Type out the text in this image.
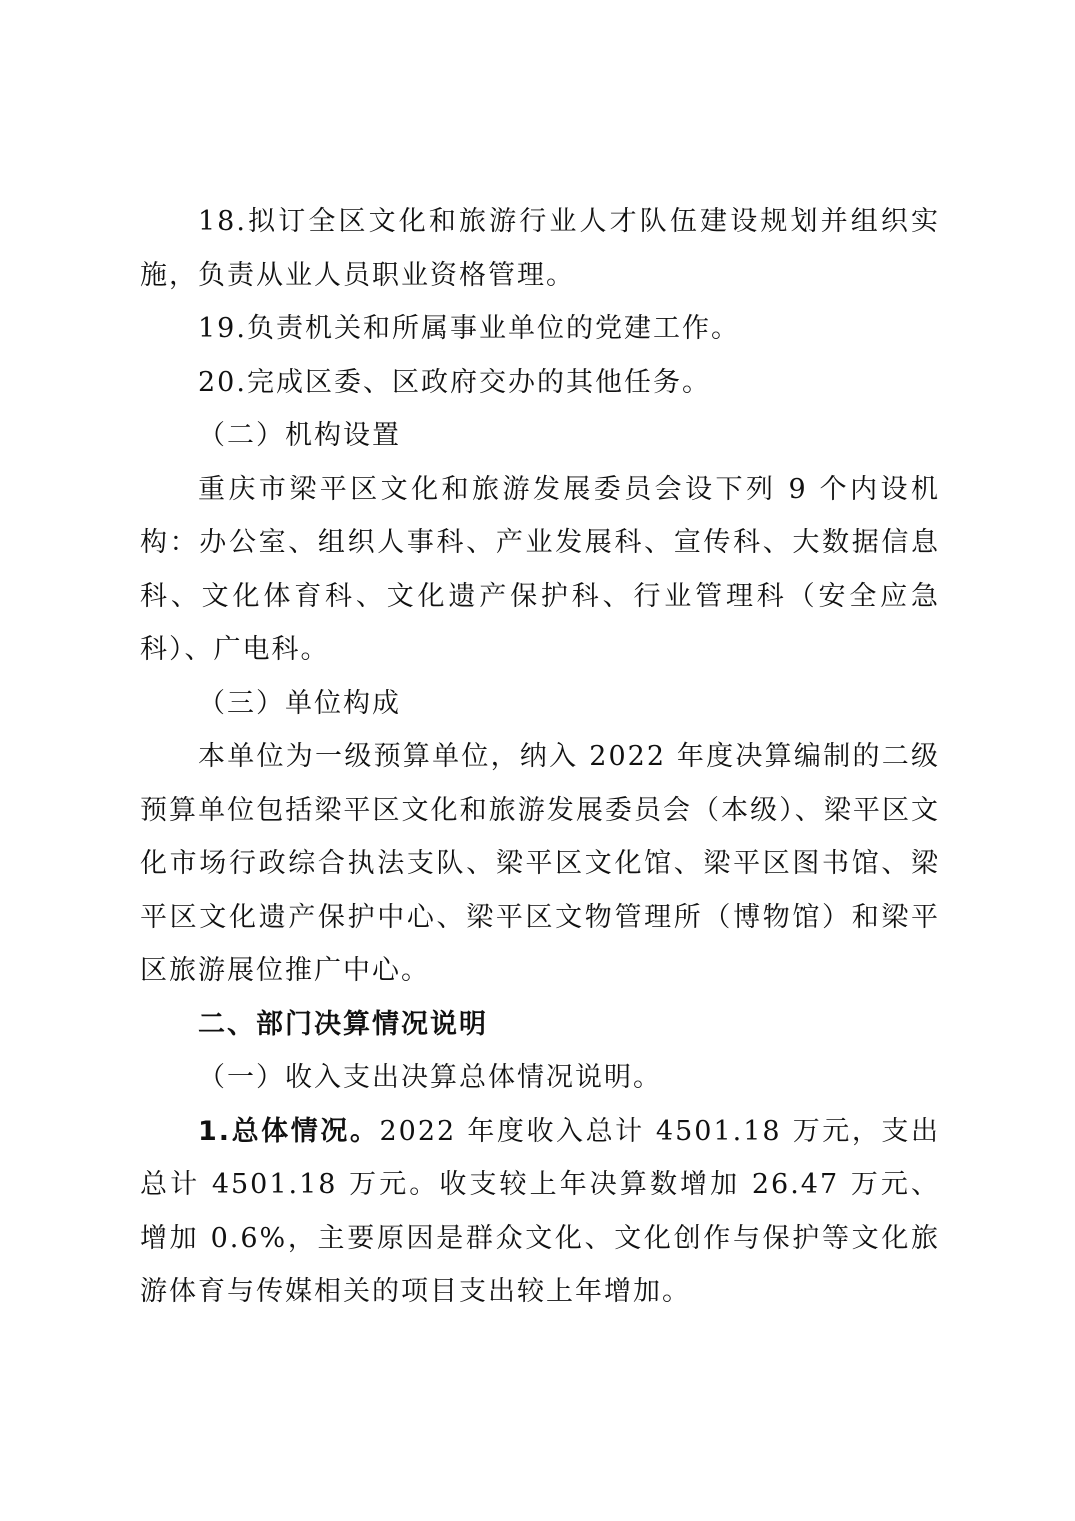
18.拟订全区文化和旅游行业人才队伍建设规划并组织实施，负责从业人员职业资格管理。

19.负责机关和所属事业单位的党建工作。

20.完成区委、区政府交办的其他任务。

（二）机构设置

重庆市梁平区文化和旅游发展委员会设下列 9 个内设机构：办公室、组织人事科、产业发展科、宣传科、大数据信息科、文化体育科、文化遗产保护科、行业管理科（安全应急科）、广电科。

（三）单位构成

本单位为一级预算单位，纳入 2022 年度决算编制的二级预算单位包括梁平区文化和旅游发展委员会（本级）、梁平区文化市场行政综合执法支队、梁平区文化馆、梁平区图书馆、梁平区文化遗产保护中心、梁平区文物管理所（博物馆）和梁平区旅游展位推广中心。

二、部门决算情况说明

（一）收入支出决算总体情况说明。

1.总体情况。2022 年度收入总计 4501.18 万元，支出总计 4501.18 万元。收支较上年决算数增加 26.47 万元、增加 0.6%，主要原因是群众文化、文化创作与保护等文化旅游体育与传媒相关的项目支出较上年增加。
